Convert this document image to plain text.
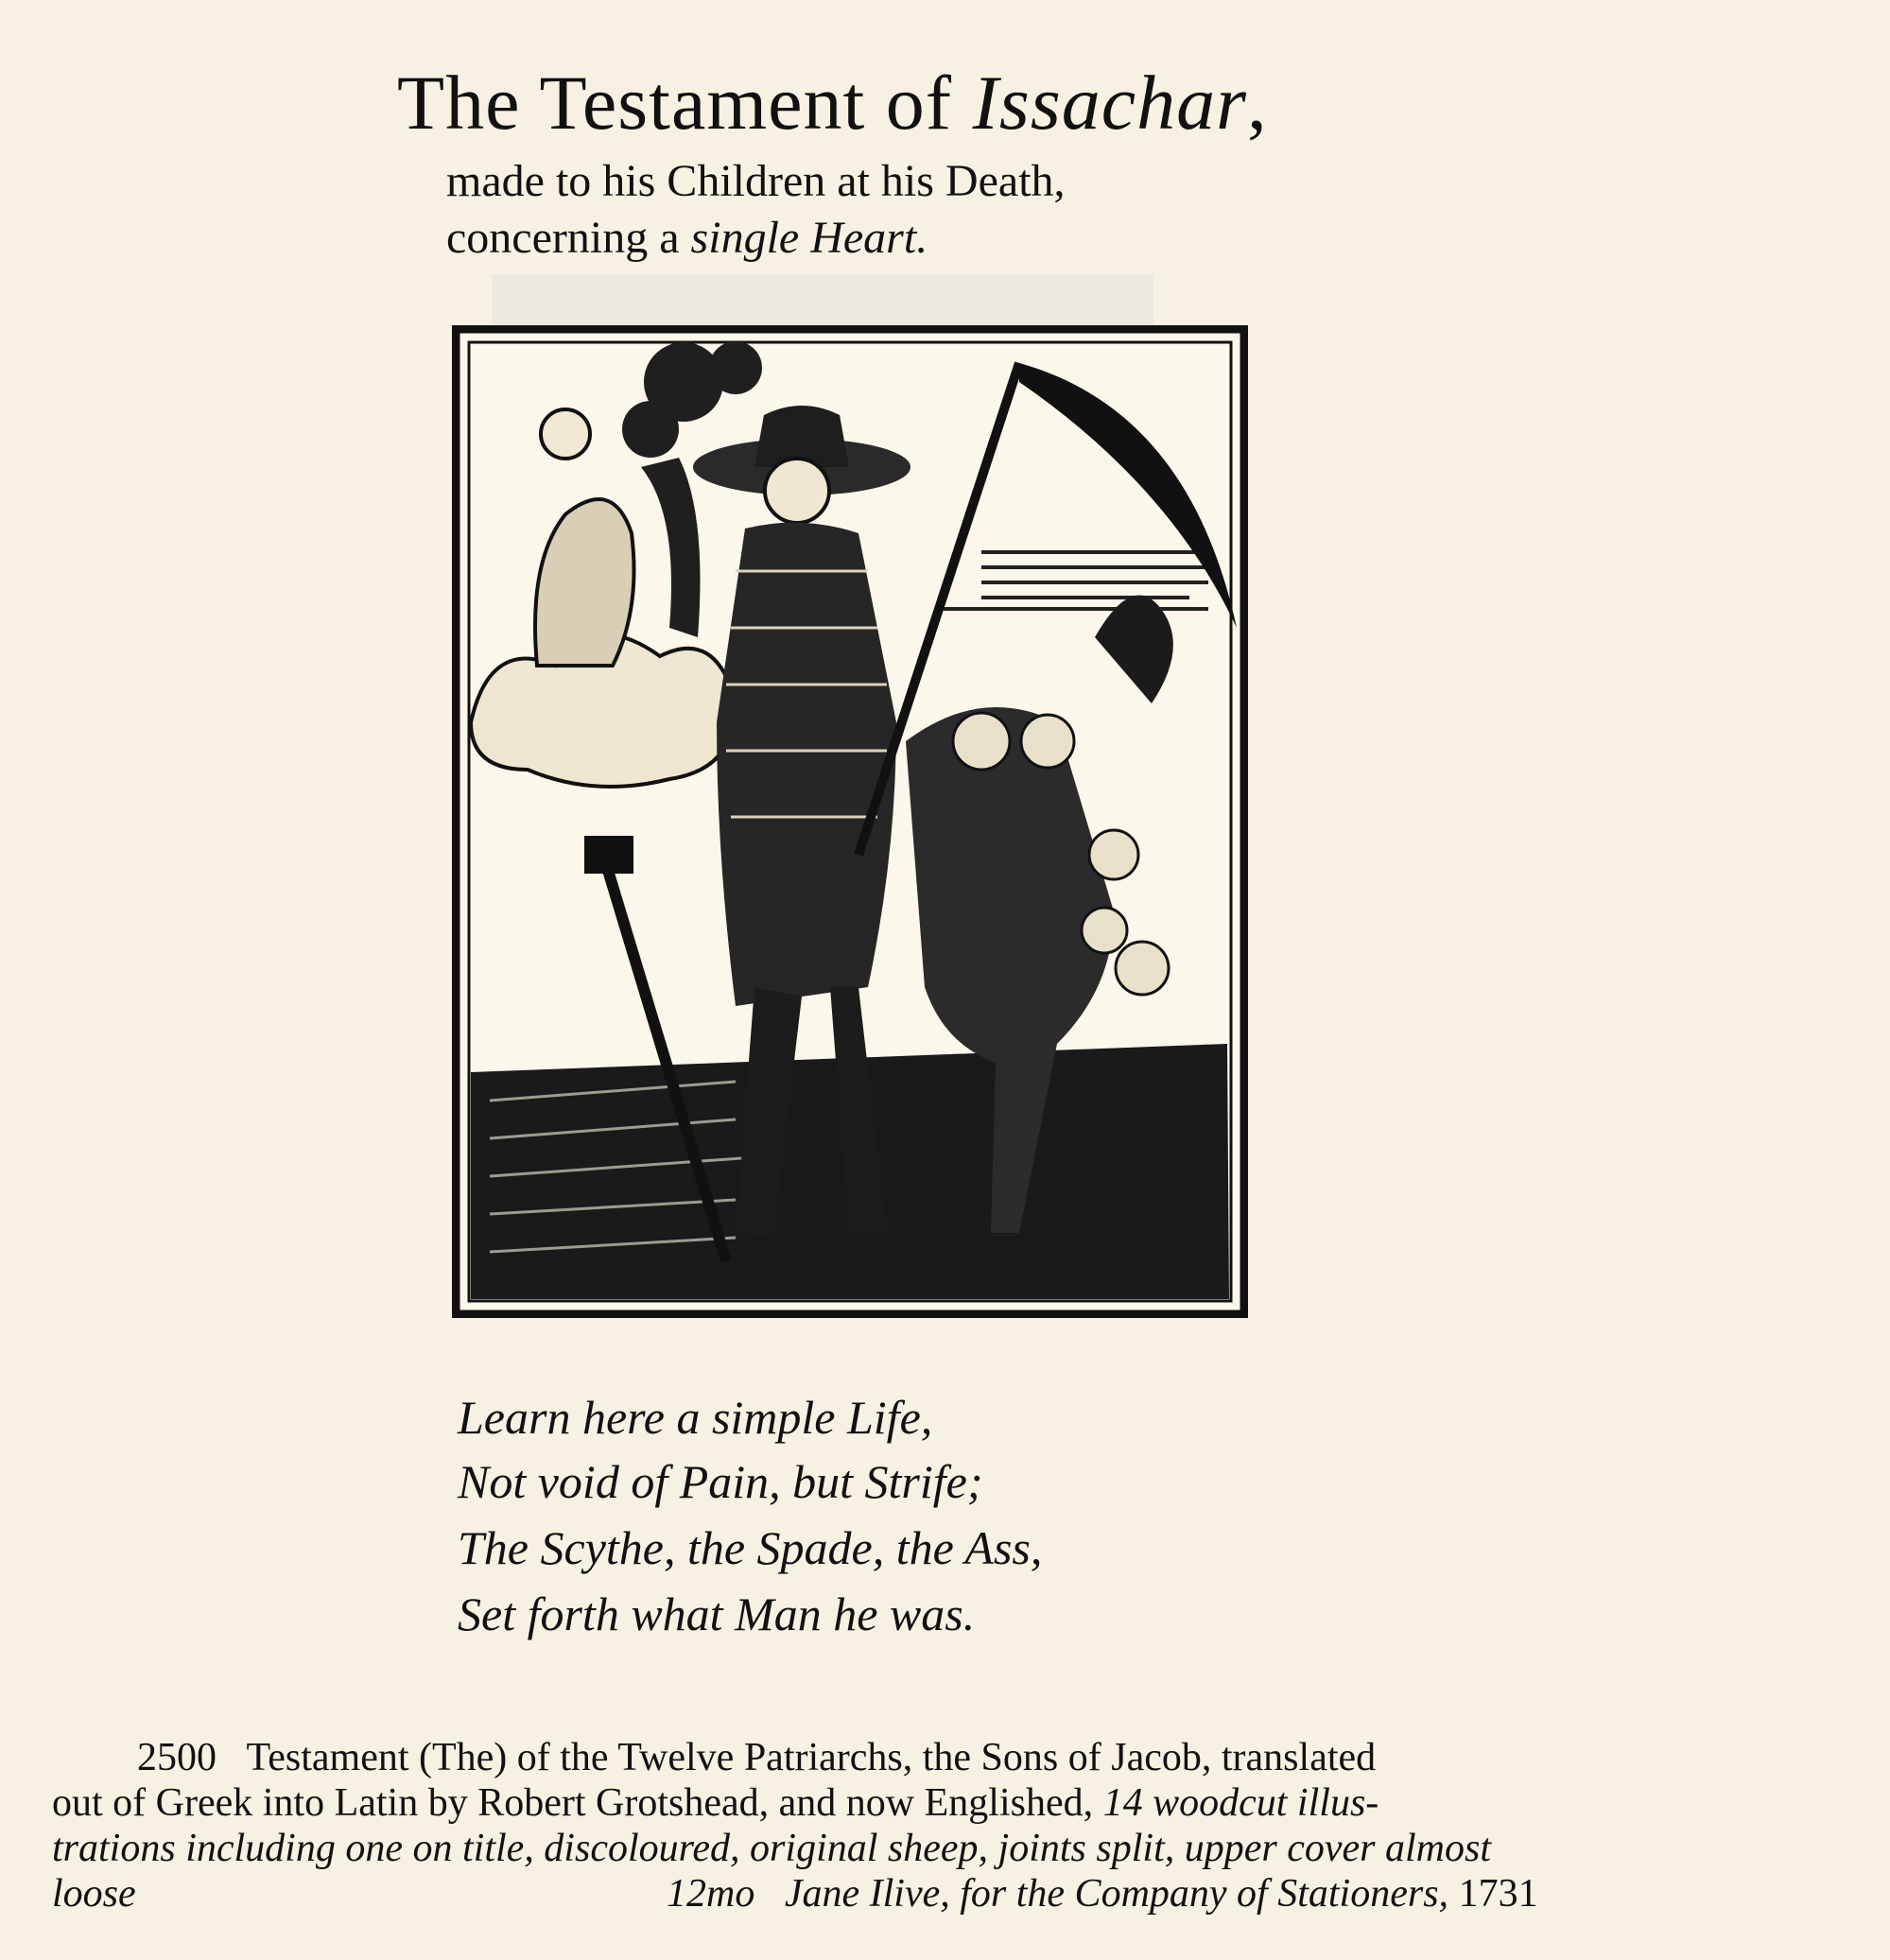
The Testament of Issachar,
made to his Children at his Death,
concerning a single Heart.
Learn here a simple Life,
Not void of Pain, but Strife;
The Scythe, the Spade, the Ass,
Set forth what Man he was.
2500 Testament (The) of the Twelve Patriarchs, the Sons of Jacob, translated
out of Greek into Latin by Robert Grotshead, and now Englished, 14 woodcut illus-
trations including one on title, discoloured, original sheep, joints split, upper cover almost
loose	12mo Jane Ilive, for the Company of Stationers, 1731
